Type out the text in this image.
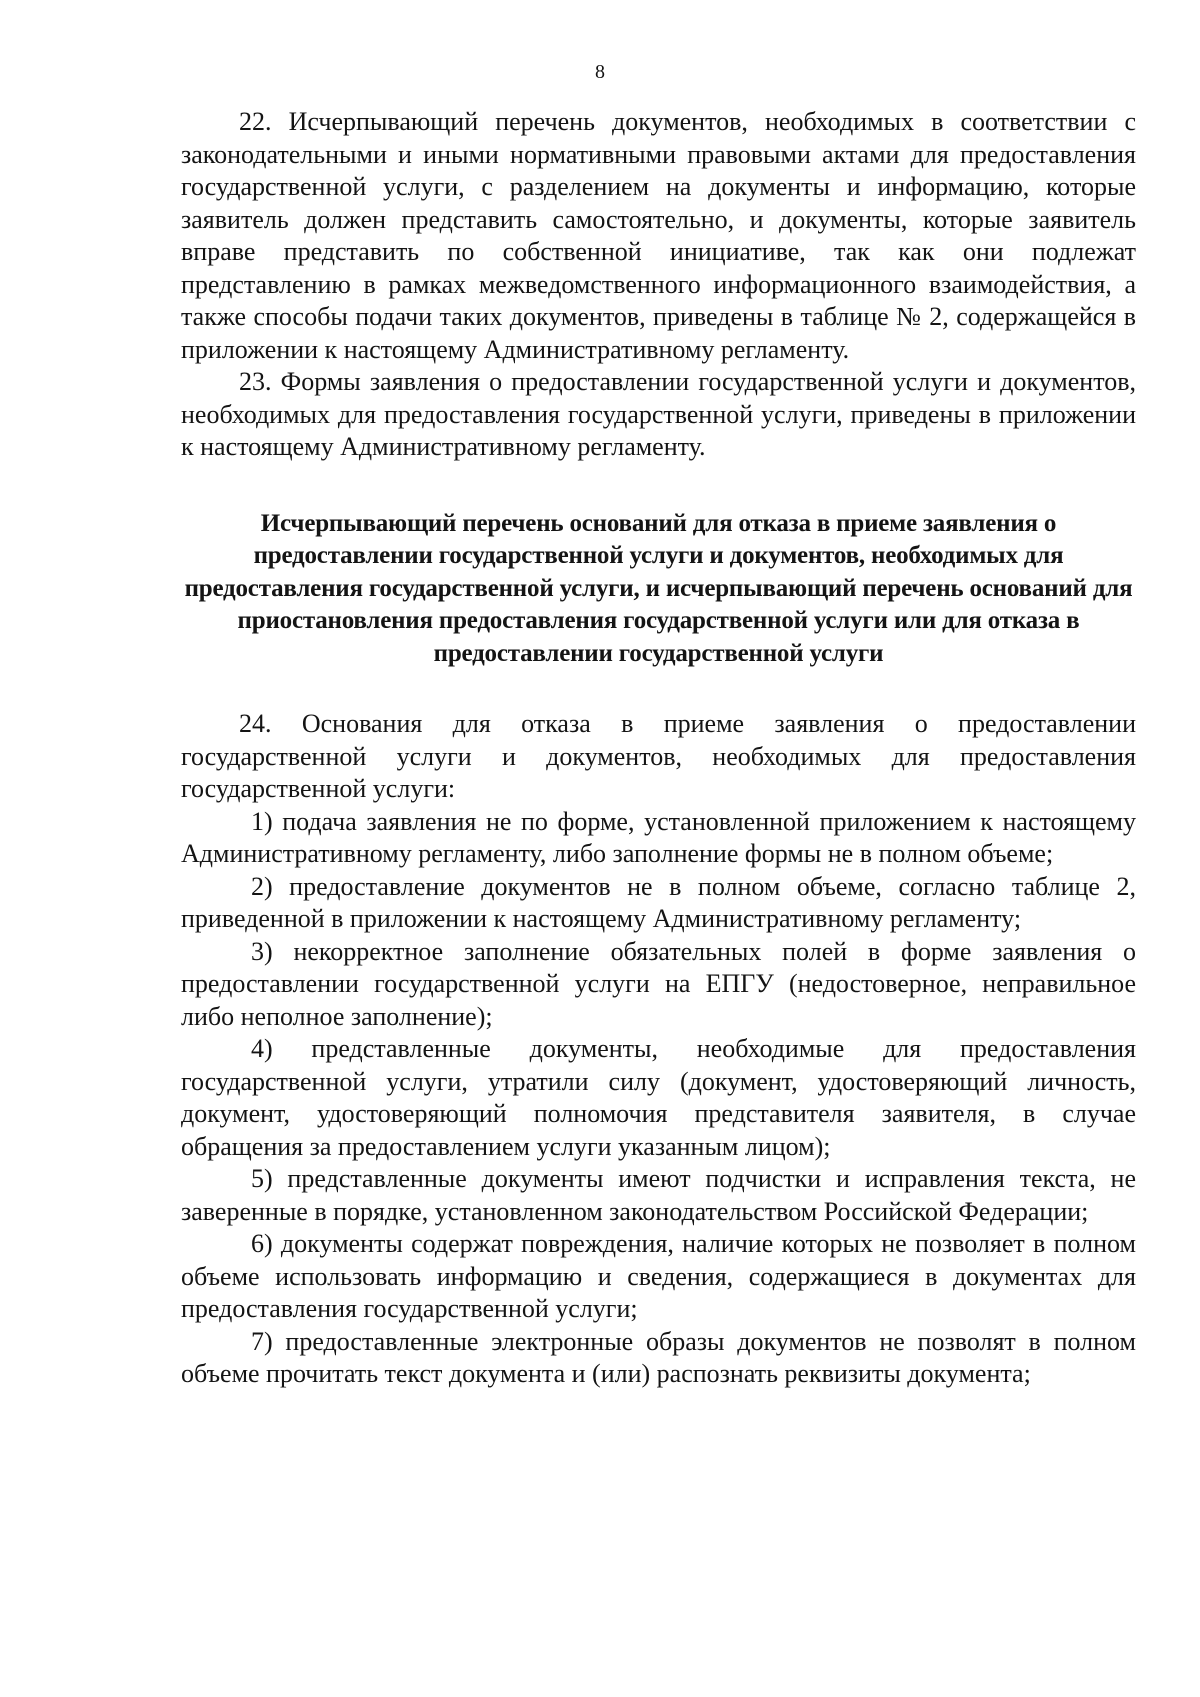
8

22. Исчерпывающий перечень документов, необходимых в соответствии с законодательными и иными нормативными правовыми актами для предоставления государственной услуги, с разделением на документы и информацию, которые заявитель должен представить самостоятельно, и документы, которые заявитель вправе представить по собственной инициативе, так как они подлежат представлению в рамках межведомственного информационного взаимодействия, а также способы подачи таких документов, приведены в таблице № 2, содержащейся в приложении к настоящему Административному регламенту.

23. Формы заявления о предоставлении государственной услуги и документов, необходимых для предоставления государственной услуги, приведены в приложении к настоящему Административному регламенту.

Исчерпывающий перечень оснований для отказа в приеме заявления о предоставлении государственной услуги и документов, необходимых для предоставления государственной услуги, и исчерпывающий перечень оснований для приостановления предоставления государственной услуги или для отказа в предоставлении государственной услуги

24. Основания для отказа в приеме заявления о предоставлении государственной услуги и документов, необходимых для предоставления государственной услуги:

1) подача заявления не по форме, установленной приложением к настоящему Административному регламенту, либо заполнение формы не в полном объеме;

2) предоставление документов не в полном объеме, согласно таблице 2, приведенной в приложении к настоящему Административному регламенту;

3) некорректное заполнение обязательных полей в форме заявления о предоставлении государственной услуги на ЕПГУ (недостоверное, неправильное либо неполное заполнение);

4) представленные документы, необходимые для предоставления государственной услуги, утратили силу (документ, удостоверяющий личность, документ, удостоверяющий полномочия представителя заявителя, в случае обращения за предоставлением услуги указанным лицом);

5) представленные документы имеют подчистки и исправления текста, не заверенные в порядке, установленном законодательством Российской Федерации;

6) документы содержат повреждения, наличие которых не позволяет в полном объеме использовать информацию и сведения, содержащиеся в документах для предоставления государственной услуги;

7) предоставленные электронные образы документов не позволят в полном объеме прочитать текст документа и (или) распознать реквизиты документа;
